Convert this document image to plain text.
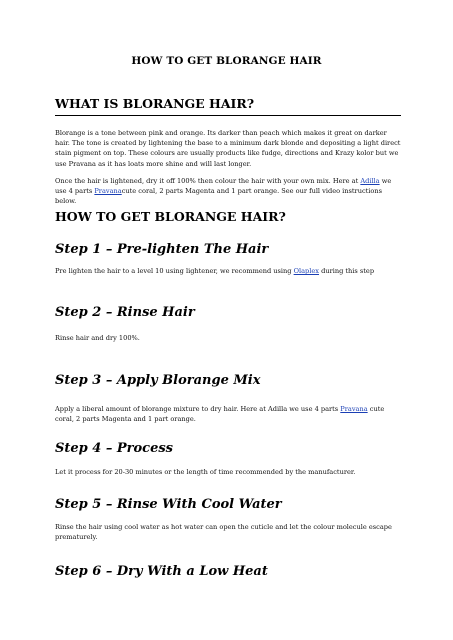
HOW TO GET BLORANGE HAIR
WHAT IS BLORANGE HAIR?
Blorange is a tone between pink and orange. Its darker than peach which makes it great on darker hair. The tone is created by lightening the base to a minimum dark blonde and depositing a light direct stain pigment on top. These colours are usually products like fudge, directions and Krazy kolor but we use Pravana as it has loats more shine and will last longer.
Once the hair is lightened, dry it off 100% then colour the hair with your own mix. Here at Adilla we use 4 parts Pravanacute coral, 2 parts Magenta and 1 part orange. See our full video instructions below.
HOW TO GET BLORANGE HAIR?
Step 1 – Pre-lighten The Hair
Pre lighten the hair to a level 10 using lightener, we recommend using Olaplex during this step
Step 2 – Rinse Hair
Rinse hair and dry 100%.
Step 3 – Apply Blorange Mix
Apply a liberal amount of blorange mixture to dry hair. Here at Adilla we use 4 parts Pravana cute coral, 2 parts Magenta and 1 part orange.
Step 4 – Process
Let it process for 20-30 minutes or the length of time recommended by the manufacturer.
Step 5 – Rinse With Cool Water
Rinse the hair using cool water as hot water can open the cuticle and let the colour molecule escape prematurely.
Step 6 – Dry With a Low Heat
